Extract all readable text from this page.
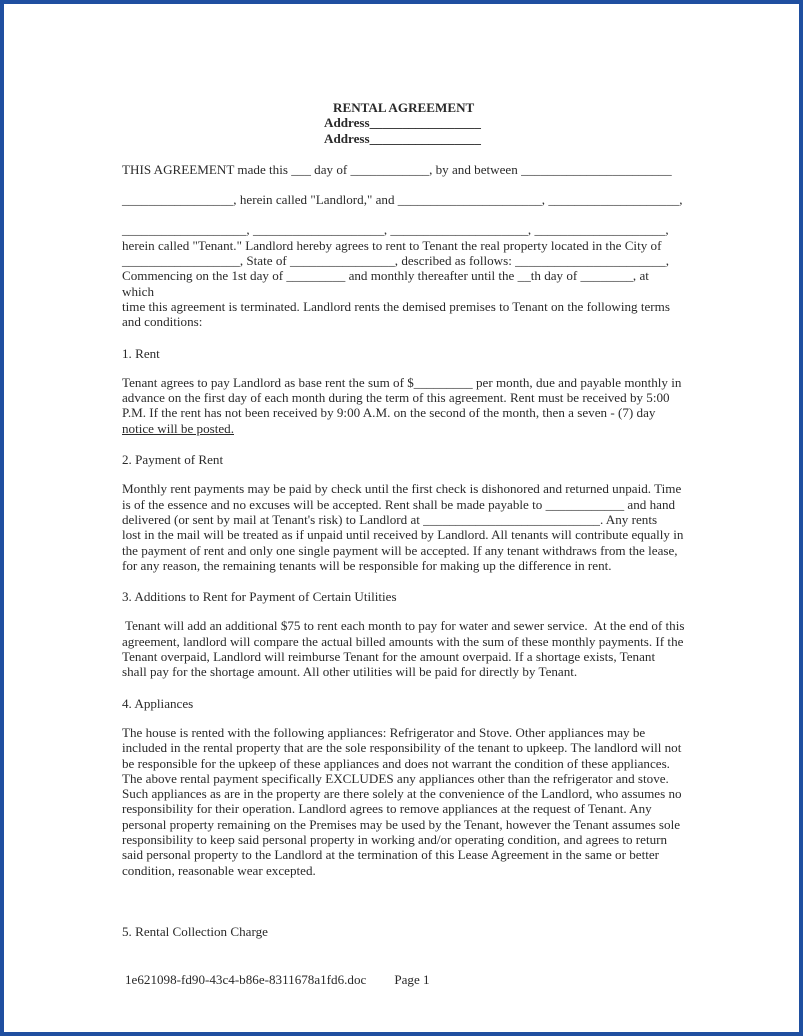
RENTAL AGREEMENT
Address_________________
Address_________________

THIS AGREEMENT made this ___ day of ____________, by and between _______________________

_________________, herein called "Landlord," and ______________________, ____________________,

___________________, ____________________, _____________________, ____________________,

herein called "Tenant." Landlord hereby agrees to rent to Tenant the real property located in the City of

__________________, State of ________________, described as follows: _______________________,

Commencing on the 1st day of _________ and monthly thereafter until the __th day of ________, at which

time this agreement is terminated. Landlord rents the demised premises to Tenant on the following terms

and conditions:

1. Rent

Tenant agrees to pay Landlord as base rent the sum of $_________ per month, due and payable monthly in

advance on the first day of each month during the term of this agreement. Rent must be received by 5:00

P.M. If the rent has not been received by 9:00 A.M. on the second of the month, then a seven - (7) day

notice will be posted.

2. Payment of Rent

Monthly rent payments may be paid by check until the first check is dishonored and returned unpaid. Time

is of the essence and no excuses will be accepted. Rent shall be made payable to ____________ and hand

delivered (or sent by mail at Tenant's risk) to Landlord at ___________________________. Any rents

lost in the mail will be treated as if unpaid until received by Landlord. All tenants will contribute equally in

the payment of rent and only one single payment will be accepted. If any tenant withdraws from the lease,

for any reason, the remaining tenants will be responsible for making up the difference in rent.

3. Additions to Rent for Payment of Certain Utilities

Tenant will add an additional $75 to rent each month to pay for water and sewer service.  At the end of this

agreement, landlord will compare the actual billed amounts with the sum of these monthly payments. If the

Tenant overpaid, Landlord will reimburse Tenant for the amount overpaid. If a shortage exists, Tenant

shall pay for the shortage amount. All other utilities will be paid for directly by Tenant.

4. Appliances

The house is rented with the following appliances: Refrigerator and Stove. Other appliances may be

included in the rental property that are the sole responsibility of the tenant to upkeep. The landlord will not

be responsible for the upkeep of these appliances and does not warrant the condition of these appliances.

The above rental payment specifically EXCLUDES any appliances other than the refrigerator and stove.

Such appliances as are in the property are there solely at the convenience of the Landlord, who assumes no

responsibility for their operation. Landlord agrees to remove appliances at the request of Tenant. Any

personal property remaining on the Premises may be used by the Tenant, however the Tenant assumes sole

responsibility to keep said personal property in working and/or operating condition, and agrees to return

said personal property to the Landlord at the termination of this Lease Agreement in the same or better

condition, reasonable wear excepted.

5. Rental Collection Charge
1e621098-fd90-43c4-b86e-8311678a1fd6.doc Page 1
